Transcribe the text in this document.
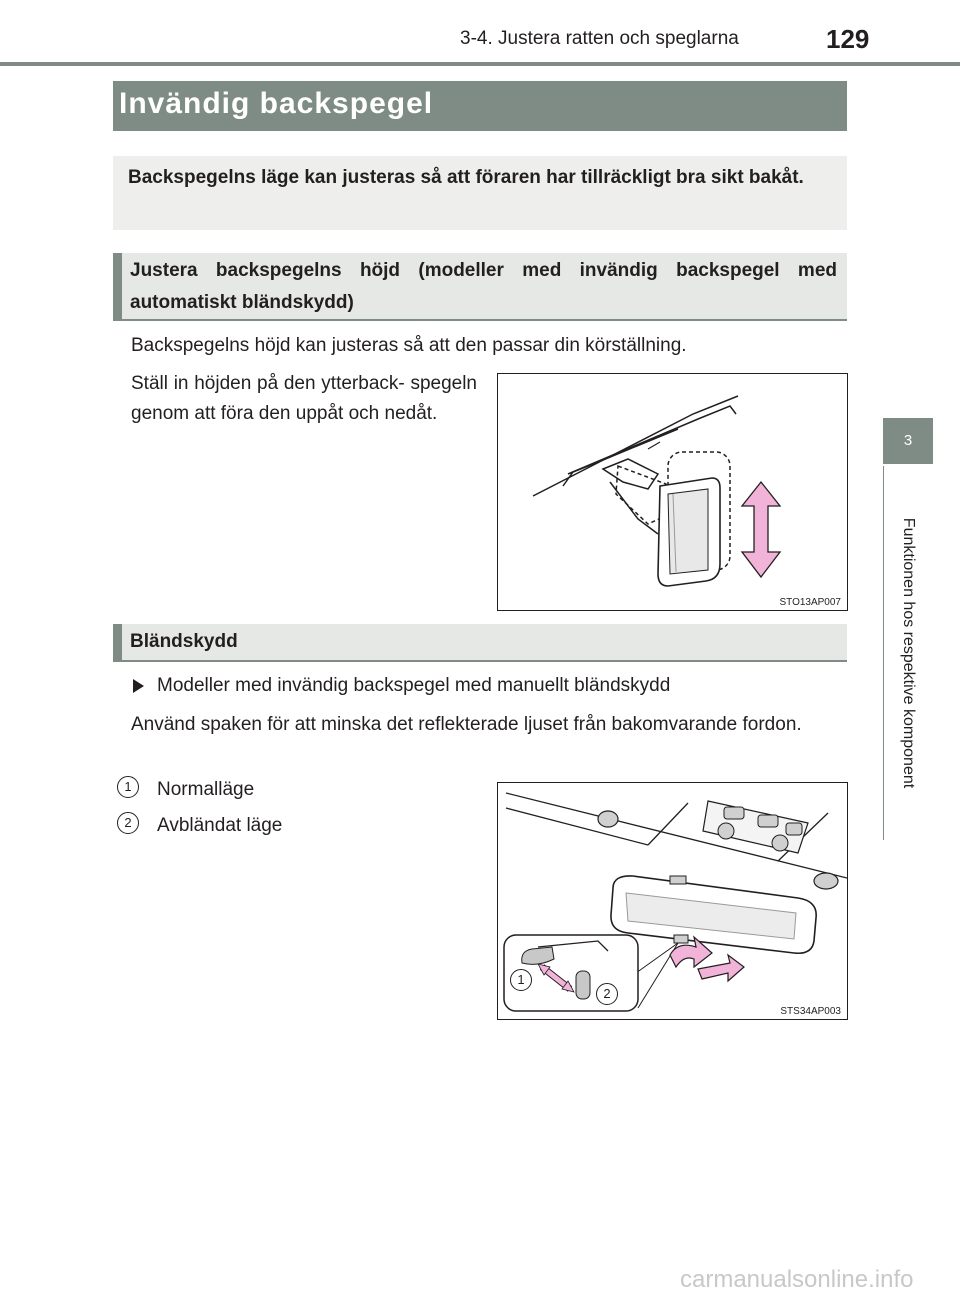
3-4. Justera ratten och speglarna	129
3
Funktionen hos respektive komponent
Invändig backspegel
Backspegelns läge kan justeras så att föraren har tillräckligt bra sikt bakåt.
Justera backspegelns höjd (modeller med invändig backspegel med automatiskt bländskydd)
Backspegelns höjd kan justeras så att den passar din körställning.
Ställ in höjden på den ytterback- spegeln genom att föra den uppåt och nedåt.
STO13AP007
Bländskydd
Modeller med invändig backspegel med manuellt bländskydd
Använd spaken för att minska det reflekterade ljuset från bakomvarande fordon.
1	Normalläge
2	Avbländat läge
1
2
STS34AP003
carmanualsonline.info
